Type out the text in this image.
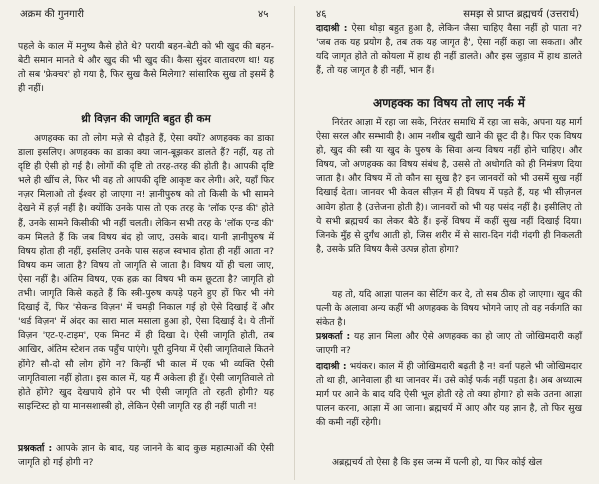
अक्रम की गुनगारी	४५
पहले के काल में मनुष्य कैसे होते थे? परायी बहन-बेटी को भी खुद की बहन-बेटी समान मानते थे और खुद की भी खुद की। कैसा सुंदर वातावरण था! यह तो सब 'फ्रेक्चर' हो गया है, फिर सुख कैसे मिलेगा? सांसारिक सुख तो इसमें है ही नहीं।
थ्री विज़न की जागृति बहुत ही कम
अणहक्क का तो लोग मज़े से दौड़ते हैं, ऐसा क्यों? अणहक्क का डाका डाला इसलिए। अणहक्क का डाका क्या जान-बूझकर डालते हैं? नहीं, यह तो दृष्टि ही ऐसी हो गई है। लोगों की दृष्टि तो तरह-तरह की होती है। आपकी दृष्टि भले ही खींच ले, फिर भी वह तो आपकी दृष्टि आकृष्ट कर लेगी। अरे, यहाँ फिर नज़र मिलाओ तो ईश्वर हो जाएगा न! ज्ञानीपुरुष को तो किसी के भी सामने देखने में हर्ज़ नहीं है। क्योंकि उनके पास तो एक तरह के 'लॉक एन्ड की' होते हैं, उनके सामने किसीकी भी नहीं चलती। लेकिन सभी तरह के 'लॉक एन्ड की' कम मिलते हैं कि जब विषय बंद हो जाए, उसके बाद। यानी ज्ञानीपुरुष में विषय होता ही नहीं, इसलिए उनके पास सहज स्वभाव होता ही नहीं आता न? विषय कम जाता है? विषय तो जागृति से जाता है। विषय यों ही चला जाए, ऐसा नहीं है। अंतिम विषय, एक हक़ का विषय भी कम छूटता है? जागृति हो तभी। जागृति किसे कहते हैं कि स्त्री-पुरुष कपड़े पहने हुए हों फिर भी नंगे दिखाई दें, फिर 'सेकन्ड विज़न' में चमड़ी निकाल गई हो ऐसे दिखाई दें और 'थर्ड विज़न' में अंदर का सारा माल मसाला हुआ हो, ऐसा दिखाई दे। ये तीनों विज़न 'एट-ए-टाइम', एक मिनट में ही दिखा दे। ऐसी जागृति होती, तब आखिर, अंतिम स्टेशन तक पहुँच पाएंगे। पूरी दुनिया में ऐसी जागृतिवाले कितने होंगे? सौ-दो सौ लोग होंगे न? किन्हीं भी काल में एक भी व्यक्ति ऐसी जागृतिवाला नहीं होता। इस काल में, यह मैं अकेला ही हूँ। ऐसी जागृतिवाले तो होते होंगे? खुद देखपाये होने पर भी ऐसी जागृति तो रहती होगी? यह साइन्टिस्ट हो या मानसशास्त्री हो, लेकिन ऐसी जागृति रह ही नहीं पाती न!
प्रश्नकर्ता : आपके ज्ञान के बाद, यह जानने के बाद कुछ महात्माओं की ऐसी जागृति हो गई होगी न?
४६	समझ से प्राप्त ब्रह्मचर्य (उत्तरार्ध)
दादाश्री : ऐसा थोड़ा बहुत हुआ है, लेकिन जैसा चाहिए वैसा नहीं हो पाता न? 'जब तक यह प्रयोग है, तब तक यह जागृत है', ऐसा नहीं कहा जा सकता। और यदि जागृत होते तो कोयला में हाथ ही नहीं डालते। और इस जुड़ाव में हाथ डालते हैं, तो यह जागृत है ही नहीं, भान हैं।
अणहक्क का विषय तो लाए नर्क में
निरंतर आज्ञा में रहा जा सके, निरंतर समाधि में रहा जा सके, अपना यह मार्ग ऐसा सरल और सम्भावी है। आम नशीब खुदी खाने की छूट दी है। फिर एक विषय हो, खुद की स्त्री या खुद के पुरुष के सिवा अन्य विषय नहीं होने चाहिए। और विषय, जो अणहक्क का विषय संबंध है, उससे तो अधोगति को ही निमंत्रण दिया जाता है। और विषय में तो कौन सा सुख है? इन जानवरों को भी उसमें सुख नहीं दिखाई देता। जानवर भी केवल सीज़न में ही विषय में पड़ते हैं, यह भी सीज़नल आवेग होता है (उत्तेजना होती है)। जानवरों को भी यह पसंद नहीं है। इसीलिए तो ये सभी ब्रह्मचर्य का लेकर बैठे हैं। इन्हें विषय में कहीं सुख नहीं दिखाई दिया। जिनके मुँह से दुर्गंध आती हो, जिस शरीर में से सारा-दिन गंदी गंदगी ही निकलती है, उसके प्रति विषय कैसे उत्पन्न होता होगा?
यह तो, यदि आज्ञा पालन का सेटिंग कर दे, तो सब ठीक हो जाएगा। खुद की पत्नी के अलावा अन्य कहीं भी अणहक्क के विषय भोगने जाए तो वह नर्कगति का संकेत है।
प्रश्नकर्ता : यह ज्ञान मिला और ऐसे अणहक्क का हो जाए तो जोखिमदारी कहाँ जाएगी न?
दादाश्री : भयंकर। काल में ही जोखिमदारी बढ़ती है न! वर्ना पहले भी जोखिमदार तो था ही, आनेवाला ही था जानवर में। उसे कोई फर्क नहीं पड़ता है। अब अध्यात्म मार्ग पर आने के बाद यदि ऐसी भूल होती रहे तो क्या होगा? हो सके उतना आज्ञा पालन करना, आज्ञा में आ जाना। ब्रह्मचर्य में आए और यह ज्ञान है, तो फिर सुख की कमी नहीं रहेगी।
अब्रह्मचर्य तो ऐसा है कि इस जन्म में पत्नी हो, या फिर कोई खेल
